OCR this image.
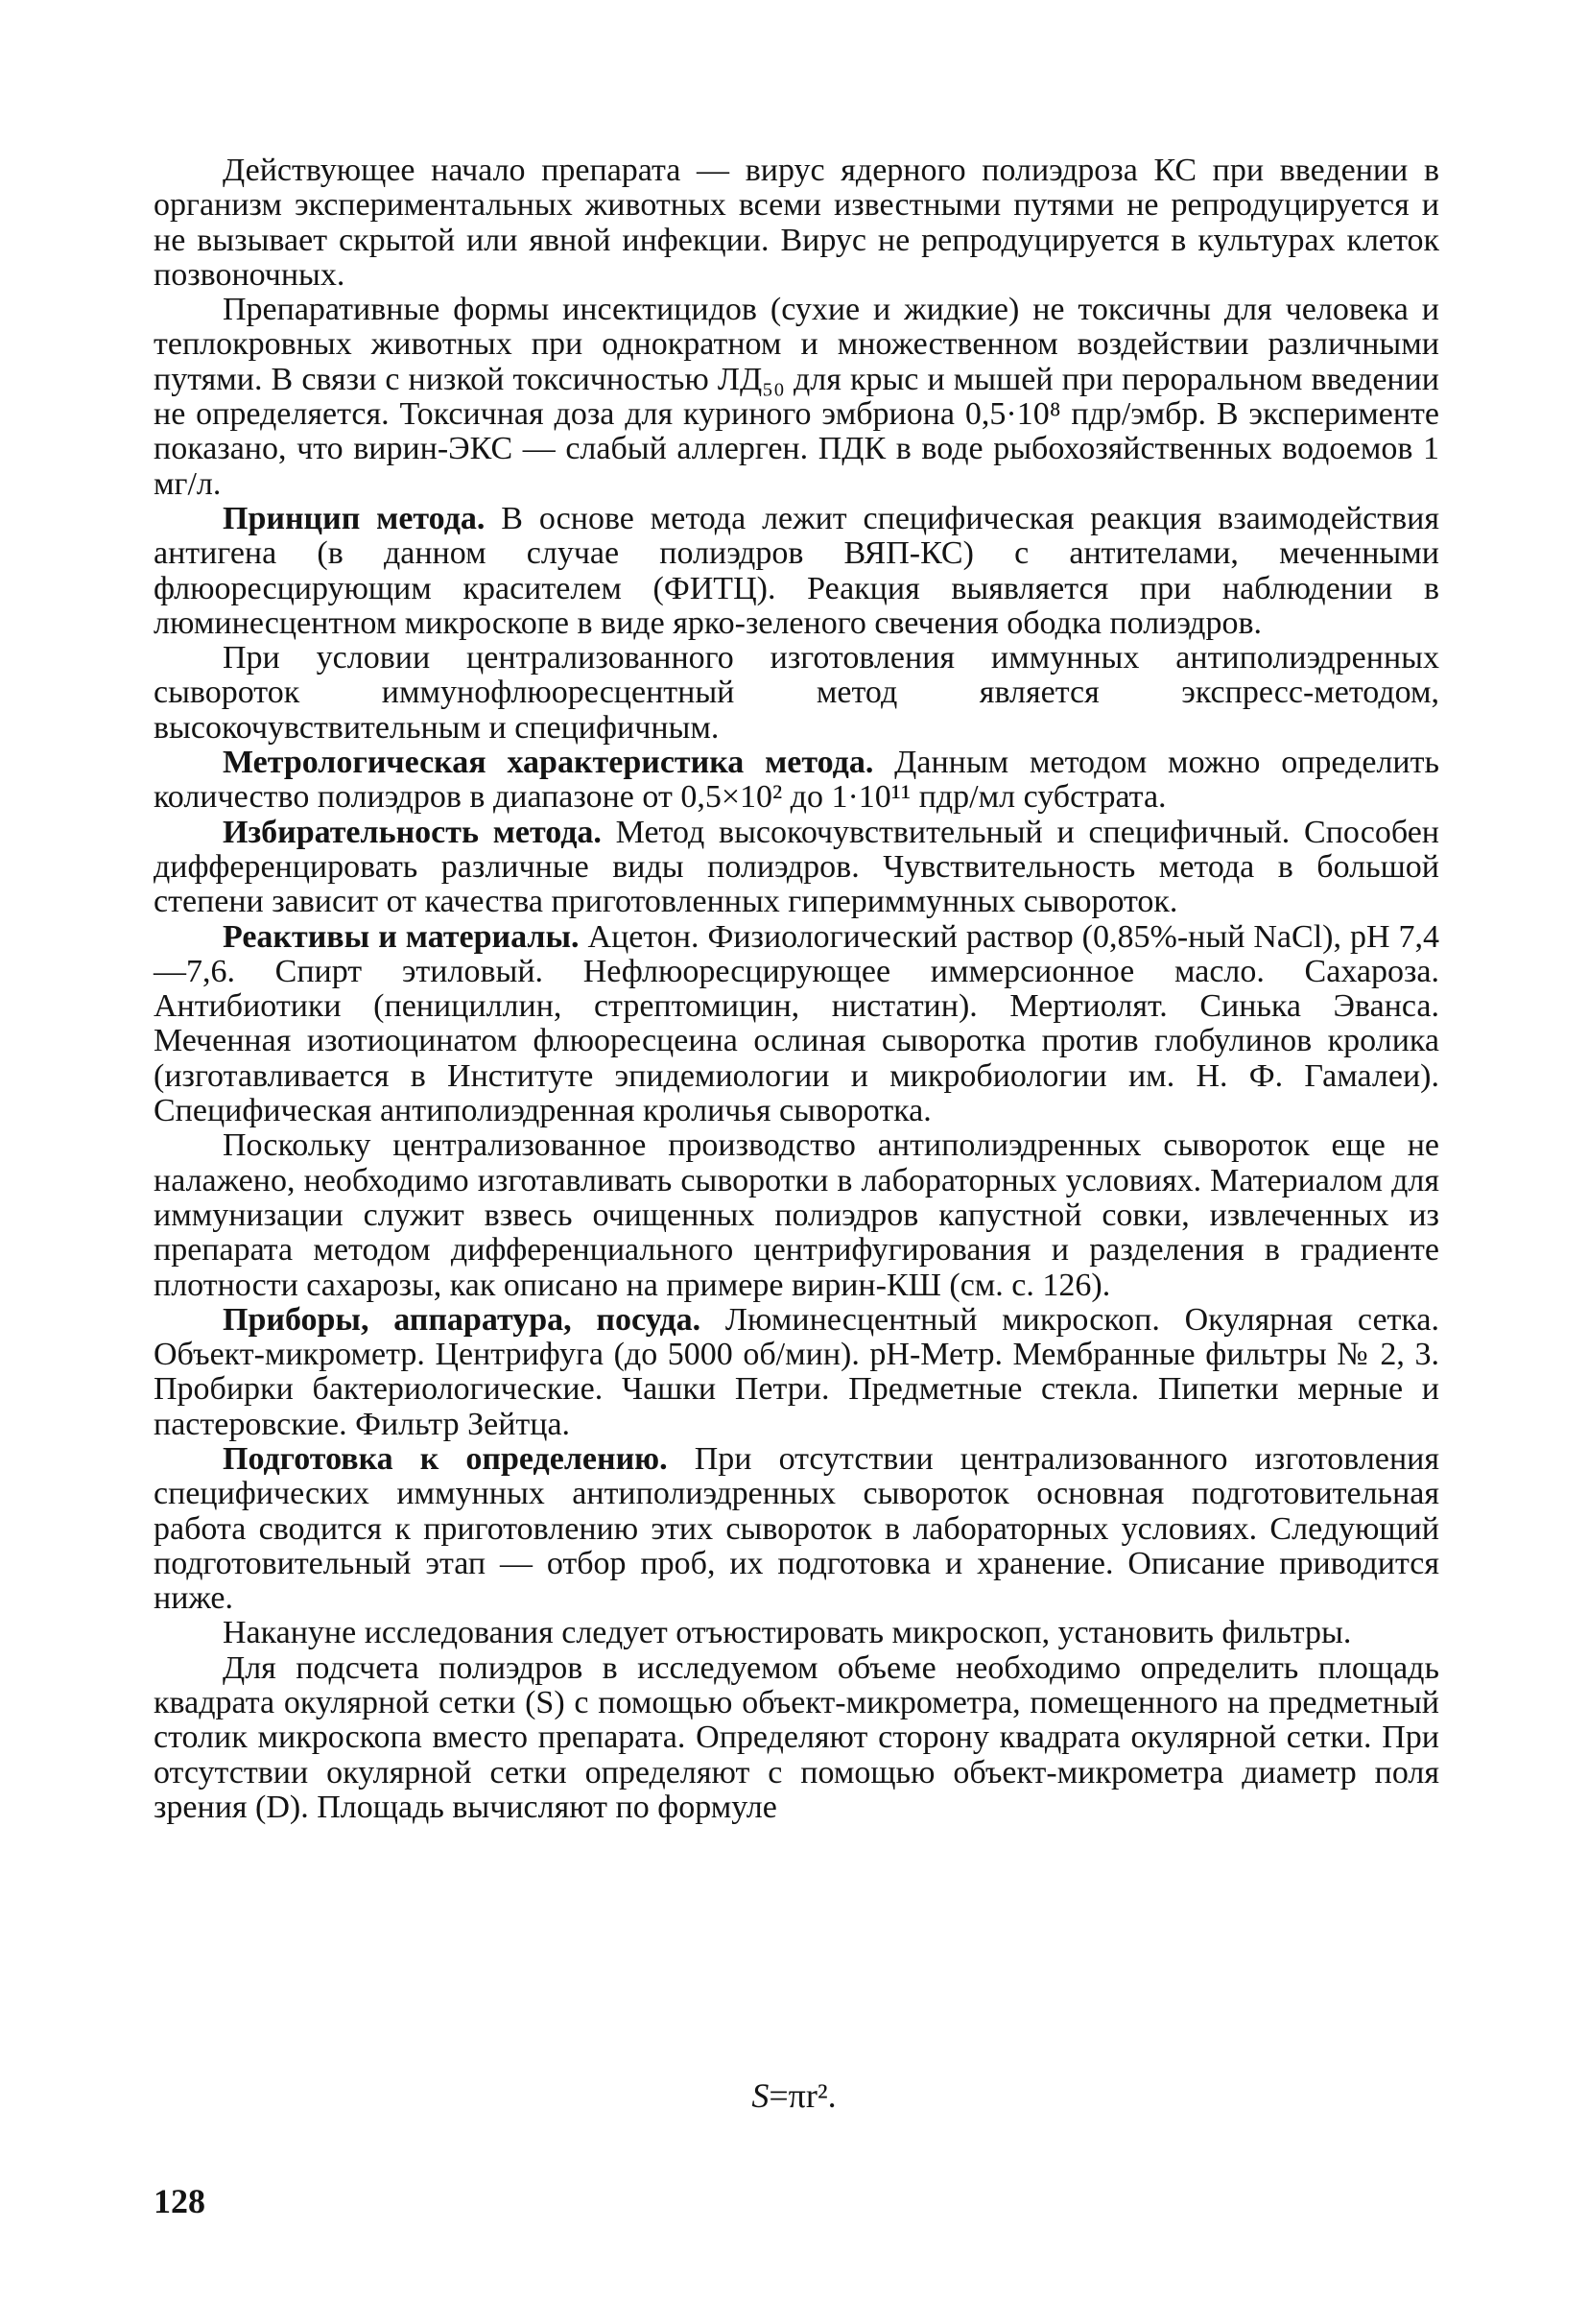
Действующее начало препарата — вирус ядерного полиэдроза КС при введении в организм экспериментальных животных всеми известными путями не репродуцируется и не вызывает скрытой или явной инфекции. Вирус не репродуцируется в культурах клеток позвоночных.

Препаративные формы инсектицидов (сухие и жидкие) не токсичны для человека и теплокровных животных при однократном и множественном воздействии различными путями. В связи с низкой токсичностью ЛД₅₀ для крыс и мышей при пероральном введении не определяется. Токсичная доза для куриного эмбриона 0,5·10⁸ пдр/эмбр. В эксперименте показано, что вирин-ЭКС — слабый аллерген. ПДК в воде рыбохозяйственных водоемов 1 мг/л.

Принцип метода. В основе метода лежит специфическая реакция взаимодействия антигена (в данном случае полиэдров ВЯП-КС) с антителами, меченными флюоресцирующим красителем (ФИТЦ). Реакция выявляется при наблюдении в люминесцентном микроскопе в виде ярко-зеленого свечения ободка полиэдров.

При условии централизованного изготовления иммунных антиполиэдренных сывороток иммунофлюоресцентный метод является экспресс-методом, высокочувствительным и специфичным.

Метрологическая характеристика метода. Данным методом можно определить количество полиэдров в диапазоне от 0,5×10² до 1·10¹¹ пдр/мл субстрата.

Избирательность метода. Метод высокочувствительный и специфичный. Способен дифференцировать различные виды полиэдров. Чувствительность метода в большой степени зависит от качества приготовленных гипериммунных сывороток.

Реактивы и материалы. Ацетон. Физиологический раствор (0,85%-ный NaCl), рН 7,4—7,6. Спирт этиловый. Нефлюоресцирующее иммерсионное масло. Сахароза. Антибиотики (пенициллин, стрептомицин, нистатин). Мертиолят. Синька Эванса. Меченная изотиоцинатом флюоресцеина ослиная сыворотка против глобулинов кролика (изготавливается в Институте эпидемиологии и микробиологии им. Н. Ф. Гамалеи). Специфическая антиполиэдренная кроличья сыворотка.

Поскольку централизованное производство антиполиэдренных сывороток еще не налажено, необходимо изготавливать сыворотки в лабораторных условиях. Материалом для иммунизации служит взвесь очищенных полиэдров капустной совки, извлеченных из препарата методом дифференциального центрифугирования и разделения в градиенте плотности сахарозы, как описано на примере вирин-КШ (см. с. 126).

Приборы, аппаратура, посуда. Люминесцентный микроскоп. Окулярная сетка. Объект-микрометр. Центрифуга (до 5000 об/мин). рН-Метр. Мембранные фильтры № 2, 3. Пробирки бактериологические. Чашки Петри. Предметные стекла. Пипетки мерные и пастеровские. Фильтр Зейтца.

Подготовка к определению. При отсутствии централизованного изготовления специфических иммунных антиполиэдренных сывороток основная подготовительная работа сводится к приготовлению этих сывороток в лабораторных условиях. Следующий подготовительный этап — отбор проб, их подготовка и хранение. Описание приводится ниже.

Накануне исследования следует отъюстировать микроскоп, установить фильтры.

Для подсчета полиэдров в исследуемом объеме необходимо определить площадь квадрата окулярной сетки (S) с помощью объект-микрометра, помещенного на предметный столик микроскопа вместо препарата. Определяют сторону квадрата окулярной сетки. При отсутствии окулярной сетки определяют с помощью объект-микрометра диаметр поля зрения (D). Площадь вычисляют по формуле

S=πr².
128
